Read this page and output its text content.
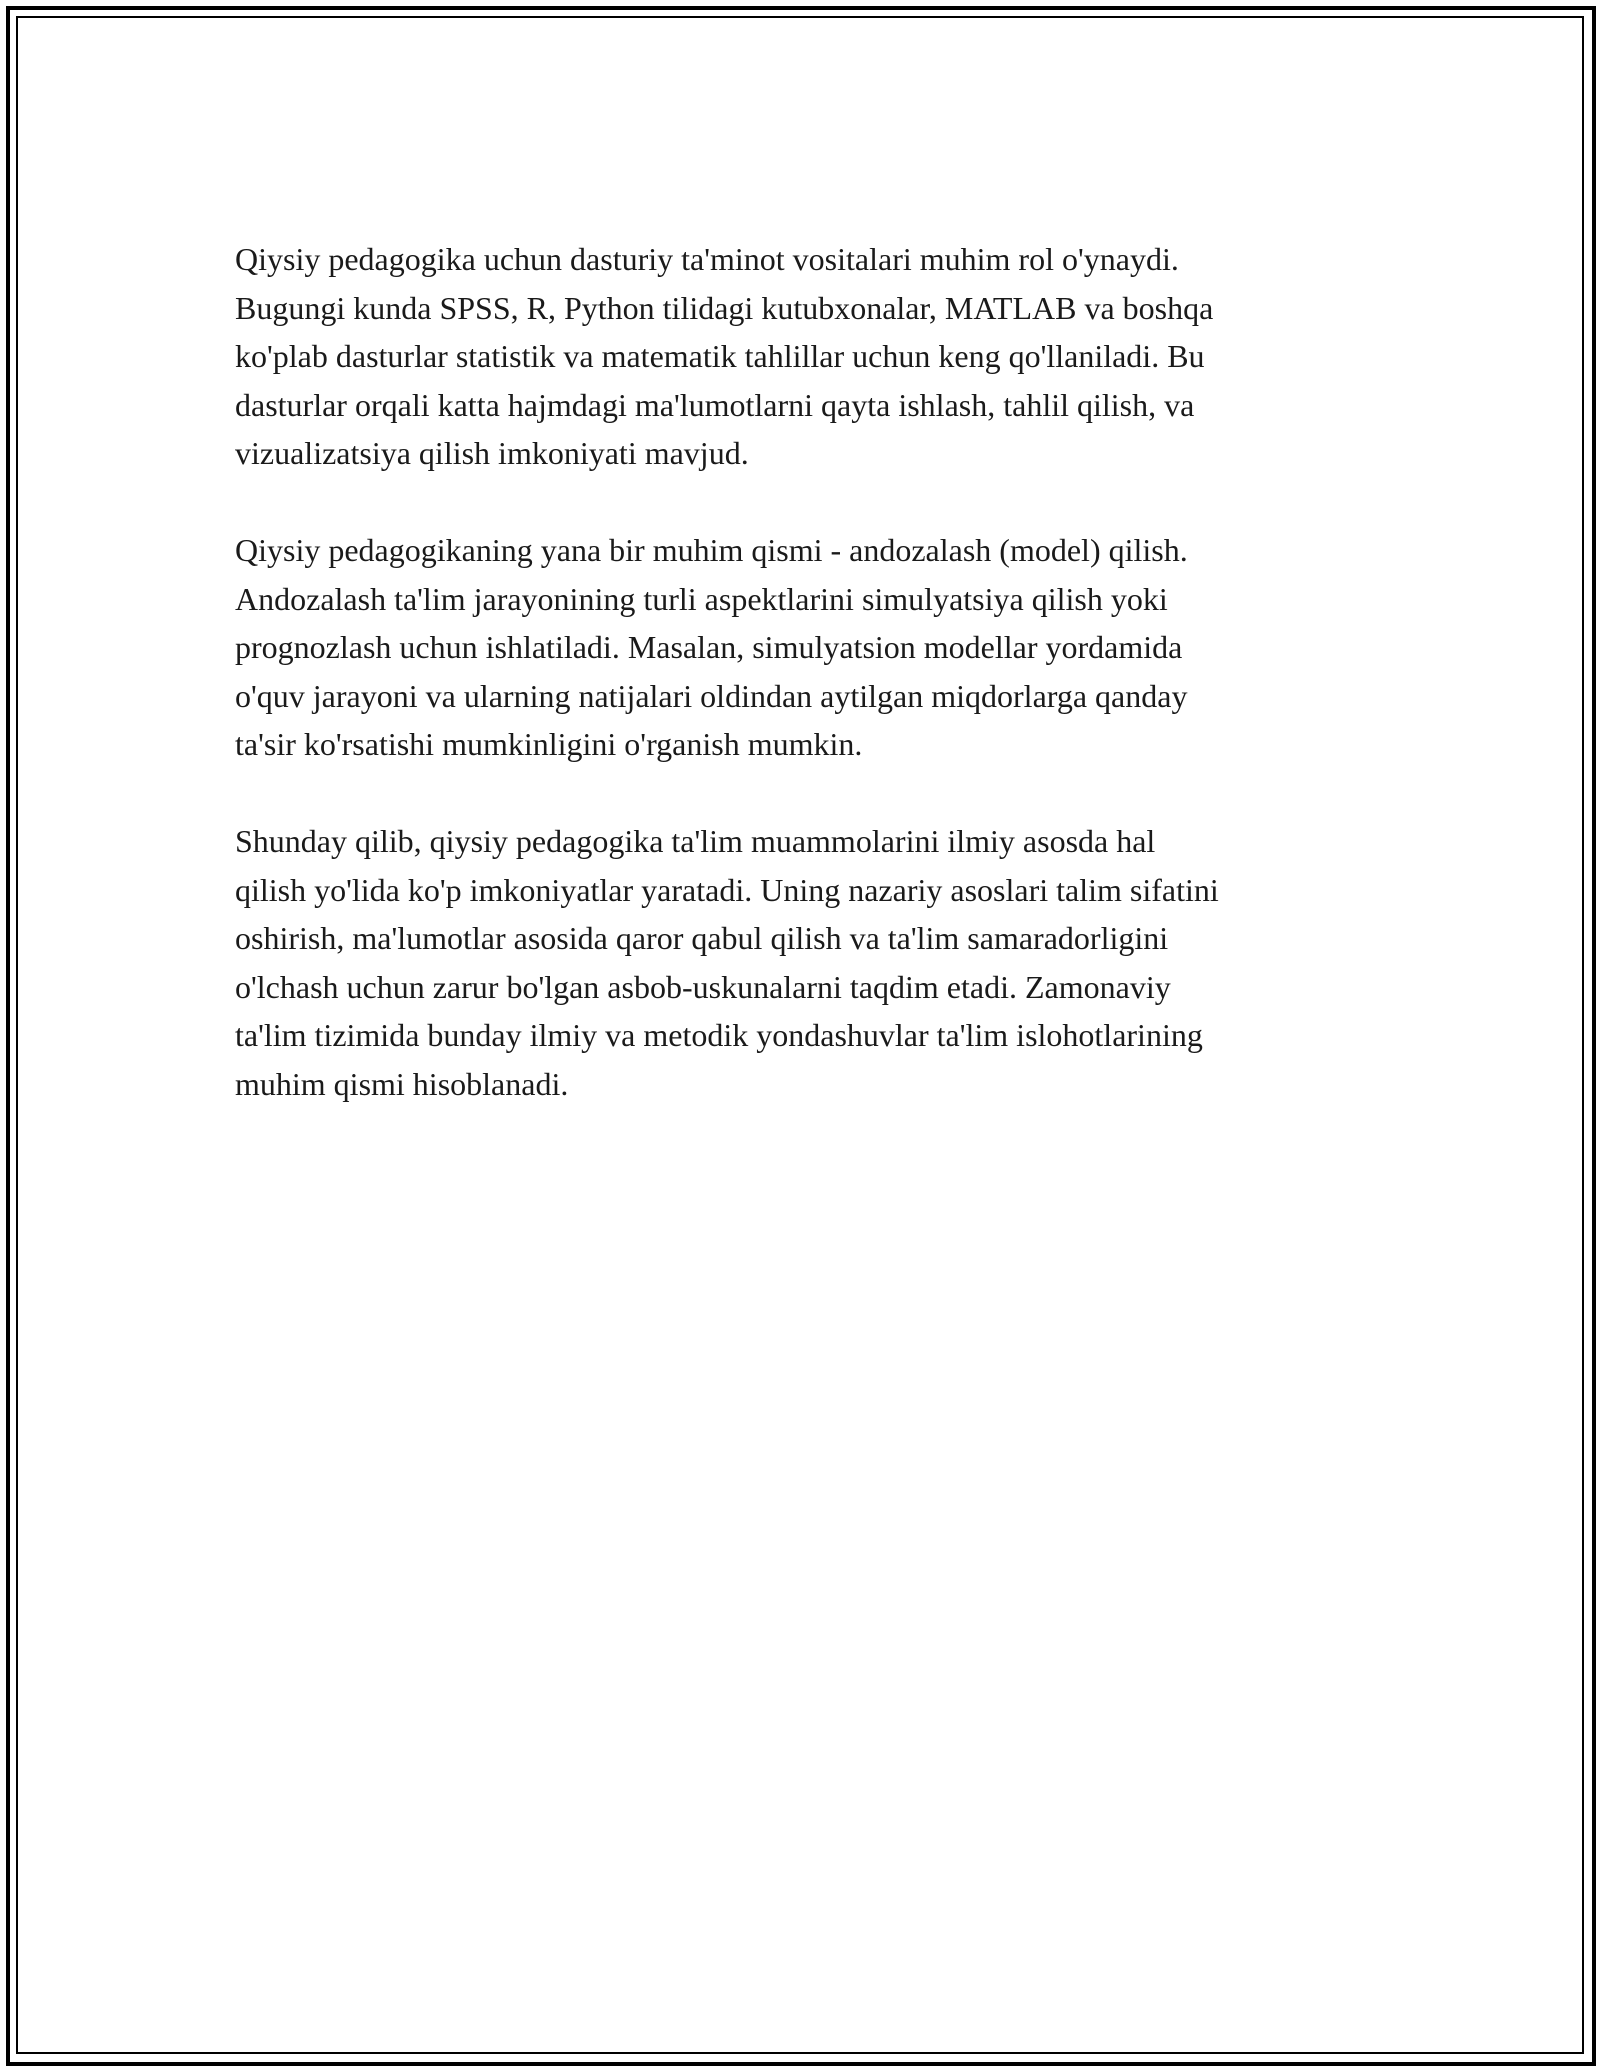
Qiysiy pedagogika uchun dasturiy ta'minot vositalari muhim rol o'ynaydi.
Bugungi kunda SPSS, R, Python tilidagi kutubxonalar, MATLAB va boshqa
ko'plab dasturlar statistik va matematik tahlillar uchun keng qo'llaniladi. Bu
dasturlar orqali katta hajmdagi ma'lumotlarni qayta ishlash, tahlil qilish, va
vizualizatsiya qilish imkoniyati mavjud.

Qiysiy pedagogikaning yana bir muhim qismi - andozalash (model) qilish.
Andozalash ta'lim jarayonining turli aspektlarini simulyatsiya qilish yoki
prognozlash uchun ishlatiladi. Masalan, simulyatsion modellar yordamida
o'quv jarayoni va ularning natijalari oldindan aytilgan miqdorlarga qanday
ta'sir ko'rsatishi mumkinligini o'rganish mumkin.

Shunday qilib, qiysiy pedagogika ta'lim muammolarini ilmiy asosda hal
qilish yo'lida ko'p imkoniyatlar yaratadi. Uning nazariy asoslari talim sifatini
oshirish, ma'lumotlar asosida qaror qabul qilish va ta'lim samaradorligini
o'lchash uchun zarur bo'lgan asbob-uskunalarni taqdim etadi. Zamonaviy
ta'lim tizimida bunday ilmiy va metodik yondashuvlar ta'lim islohotlarining
muhim qismi hisoblanadi.
